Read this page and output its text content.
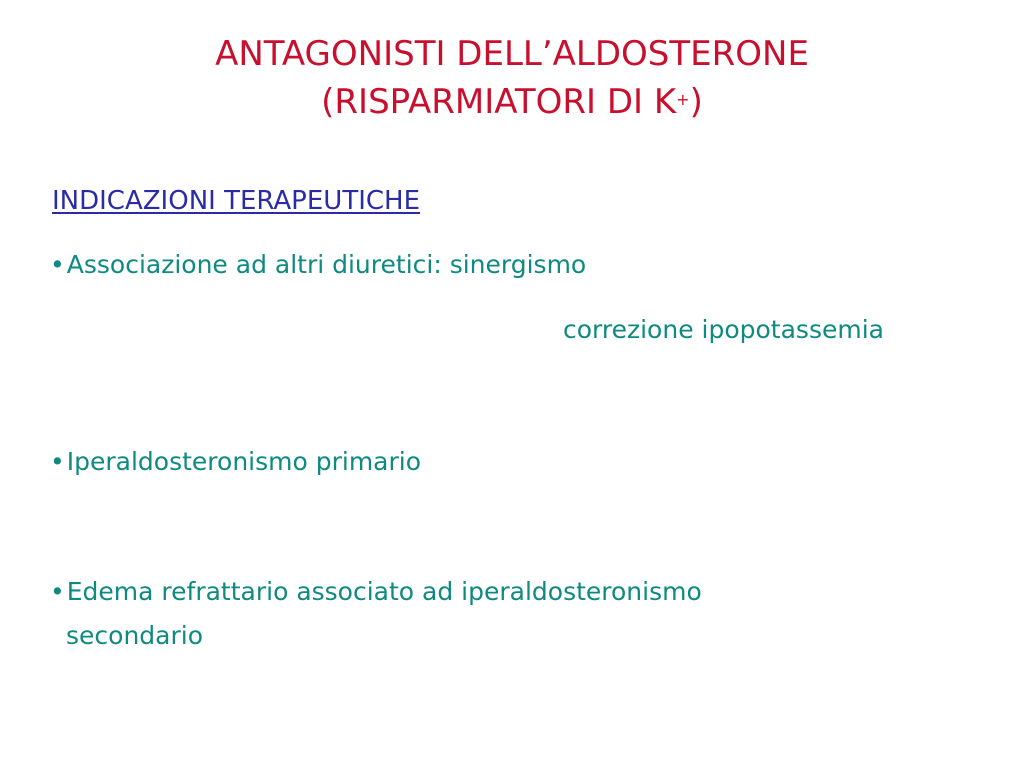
ANTAGONISTI DELL’ALDOSTERONE
(RISPARMIATORI DI K+)
INDICAZIONI TERAPEUTICHE
•Associazione ad altri diuretici: sinergismo
correzione ipopotassemia
•Iperaldosteronismo primario
•Edema refrattario associato ad iperaldosteronismo
secondario
